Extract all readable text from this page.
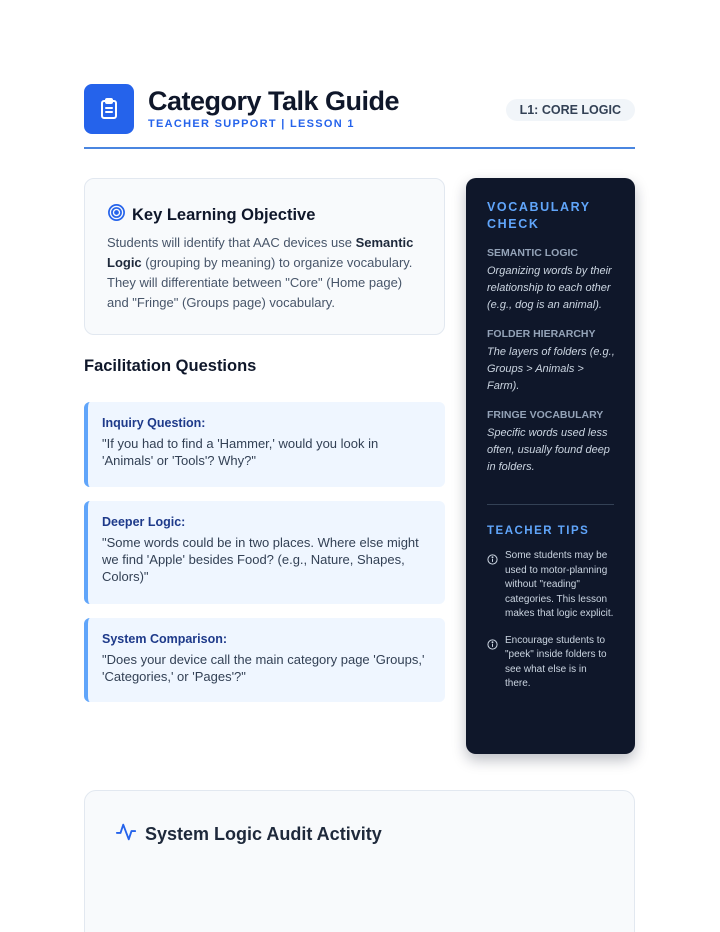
Category Talk Guide
TEACHER SUPPORT | LESSON 1
L1: CORE LOGIC
Key Learning Objective

Students will identify that AAC devices use Semantic Logic (grouping by meaning) to organize vocabulary. They will differentiate between "Core" (Home page) and "Fringe" (Groups page) vocabulary.

Facilitation Questions
Inquiry Question:
"If you had to find a 'Hammer,' would you look in 'Animals' or 'Tools'? Why?"
Deeper Logic:
"Some words could be in two places. Where else might we find 'Apple' besides Food? (e.g., Nature, Shapes, Colors)"
System Comparison:
"Does your device call the main category page 'Groups,' 'Categories,' or 'Pages'?"
VOCABULARY CHECK
SEMANTIC LOGIC
Organizing words by their relationship to each other (e.g., dog is an animal).
FOLDER HIERARCHY
The layers of folders (e.g., Groups > Animals > Farm).
FRINGE VOCABULARY
Specific words used less often, usually found deep in folders.
TEACHER TIPS
Some students may be used to motor-planning without "reading" categories. This lesson makes that logic explicit.
Encourage students to "peek" inside folders to see what else is in there.
System Logic Audit Activity
